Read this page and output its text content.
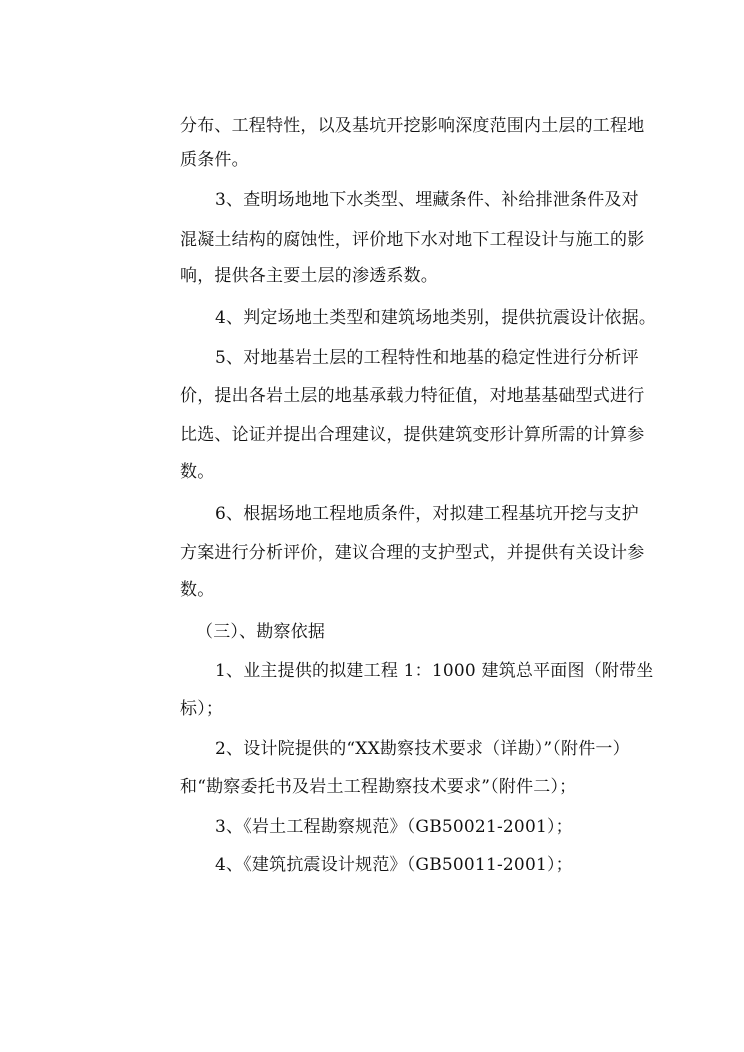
分布、工程特性，以及基坑开挖影响深度范围内土层的工程地
质条件。
3、查明场地地下水类型、埋藏条件、补给排泄条件及对
混凝土结构的腐蚀性，评价地下水对地下工程设计与施工的影
响，提供各主要土层的渗透系数。
4、判定场地土类型和建筑场地类别，提供抗震设计依据。
5、对地基岩土层的工程特性和地基的稳定性进行分析评
价，提出各岩土层的地基承载力特征值，对地基基础型式进行
比选、论证并提出合理建议，提供建筑变形计算所需的计算参
数。
6、根据场地工程地质条件，对拟建工程基坑开挖与支护
方案进行分析评价，建议合理的支护型式，并提供有关设计参
数。
（三）、勘察依据
1、业主提供的拟建工程 1：1000 建筑总平面图（附带坐
标）；
2、设计院提供的“XX勘察技术要求（详勘）”（附件一）
和“勘察委托书及岩土工程勘察技术要求”（附件二）；
3、《岩土工程勘察规范》（GB50021-2001）；
4、《建筑抗震设计规范》（GB50011-2001）；
